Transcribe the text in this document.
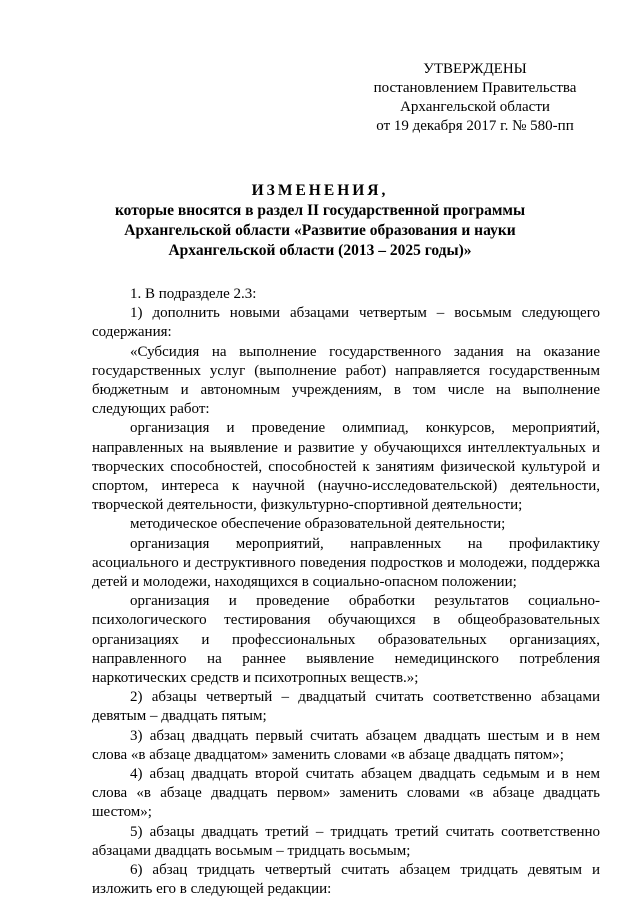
УТВЕРЖДЕНЫ
постановлением Правительства
Архангельской области
от 19 декабря 2017 г. № 580-пп
ИЗМЕНЕНИЯ,
которые вносятся в раздел II государственной программы
Архангельской области «Развитие образования и науки
Архангельской области (2013 – 2025 годы)»

1. В подразделе 2.3:

1) дополнить новыми абзацами четвертым – восьмым следующего содержания:

«Субсидия на выполнение государственного задания на оказание государственных услуг (выполнение работ) направляется государственным бюджетным и автономным учреждениям, в том числе на выполнение следующих работ:

организация и проведение олимпиад, конкурсов, мероприятий, направленных на выявление и развитие у обучающихся интеллектуальных и творческих способностей, способностей к занятиям физической культурой и спортом, интереса к научной (научно-исследовательской) деятельности, творческой деятельности, физкультурно-спортивной деятельности;

методическое обеспечение образовательной деятельности;

организация мероприятий, направленных на профилактику асоциального и деструктивного поведения подростков и молодежи, поддержка детей и молодежи, находящихся в социально-опасном положении;

организация и проведение обработки результатов социально-психологического тестирования обучающихся в общеобразовательных организациях и профессиональных образовательных организациях, направленного на раннее выявление немедицинского потребления наркотических средств и психотропных веществ.»;

2) абзацы четвертый – двадцатый считать соответственно абзацами девятым – двадцать пятым;

3) абзац двадцать первый считать абзацем двадцать шестым и в нем слова «в абзаце двадцатом» заменить словами «в абзаце двадцать пятом»;

4) абзац двадцать второй считать абзацем двадцать седьмым и в нем слова «в абзаце двадцать первом» заменить словами «в абзаце двадцать шестом»;

5) абзацы двадцать третий – тридцать третий считать соответственно абзацами двадцать восьмым – тридцать восьмым;

6) абзац тридцать четвертый считать абзацем тридцать девятым и изложить его в следующей редакции:
